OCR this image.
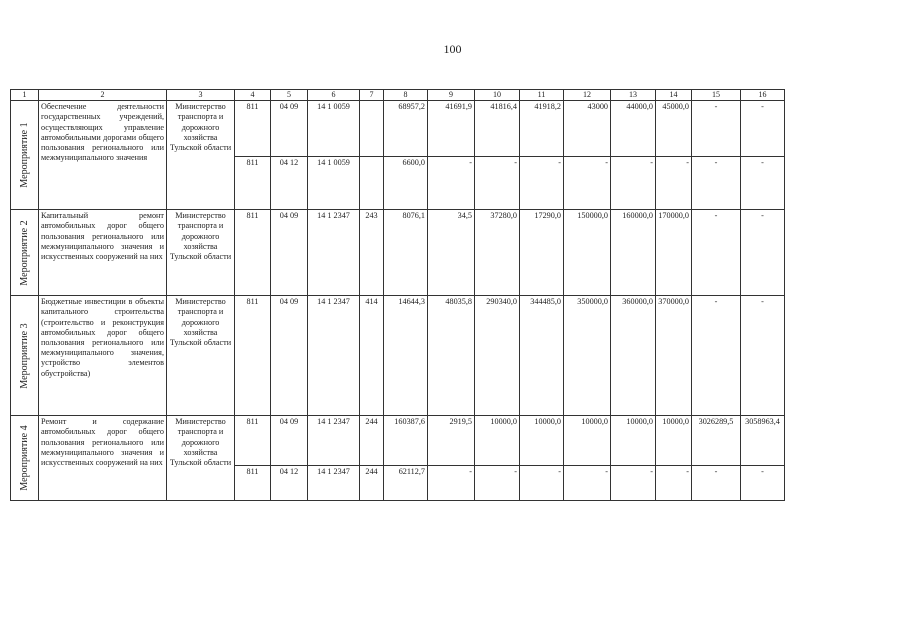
100
1	2	3	4	5	6	7	8	9	10	11	12	13	14	15	16

Мероприятие 1	Обеспечение деятельности государственных учреждений, осуществляющих управление автомобильными дорогами общего пользования регионального или межмуниципального значения	Министерство транспорта и дорожного хозяйства Тульской области	811	04 09	14 1 0059		68957,2	41691,9	41816,4	41918,2	43000	44000,0	45000,0	-	-
			811	04 12	14 1 0059		6600,0	-	-	-	-	-	-	-	-

Мероприятие 2	Капитальный ремонт автомобильных дорог общего пользования регионального или межмуниципального значения и искусственных сооружений на них	Министерство транспорта и дорожного хозяйства Тульской области	811	04 09	14 1 2347	243	8076,1	34,5	37280,0	17290,0	150000,0	160000,0	170000,0	-	-

Мероприятие 3	Бюджетные инвестиции в объекты капитального строительства (строительство и реконструкция автомобильных дорог общего пользования регионального или межмуниципального значения, устройство элементов обустройства)	Министерство транспорта и дорожного хозяйства Тульской области	811	04 09	14 1 2347	414	14644,3	48035,8	290340,0	344485,0	350000,0	360000,0	370000,0	-	-

Мероприятие 4	Ремонт и содержание автомобильных дорог общего пользования регионального или межмуниципального значения и искусственных сооружений на них	Министерство транспорта и дорожного хозяйства Тульской области	811	04 09	14 1 2347	244	160387,6	2919,5	10000,0	10000,0	10000,0	10000,0	10000,0	3026289,5	3058963,4
			811	04 12	14 1 2347	244	62112,7	-	-	-	-	-	-	-	-
